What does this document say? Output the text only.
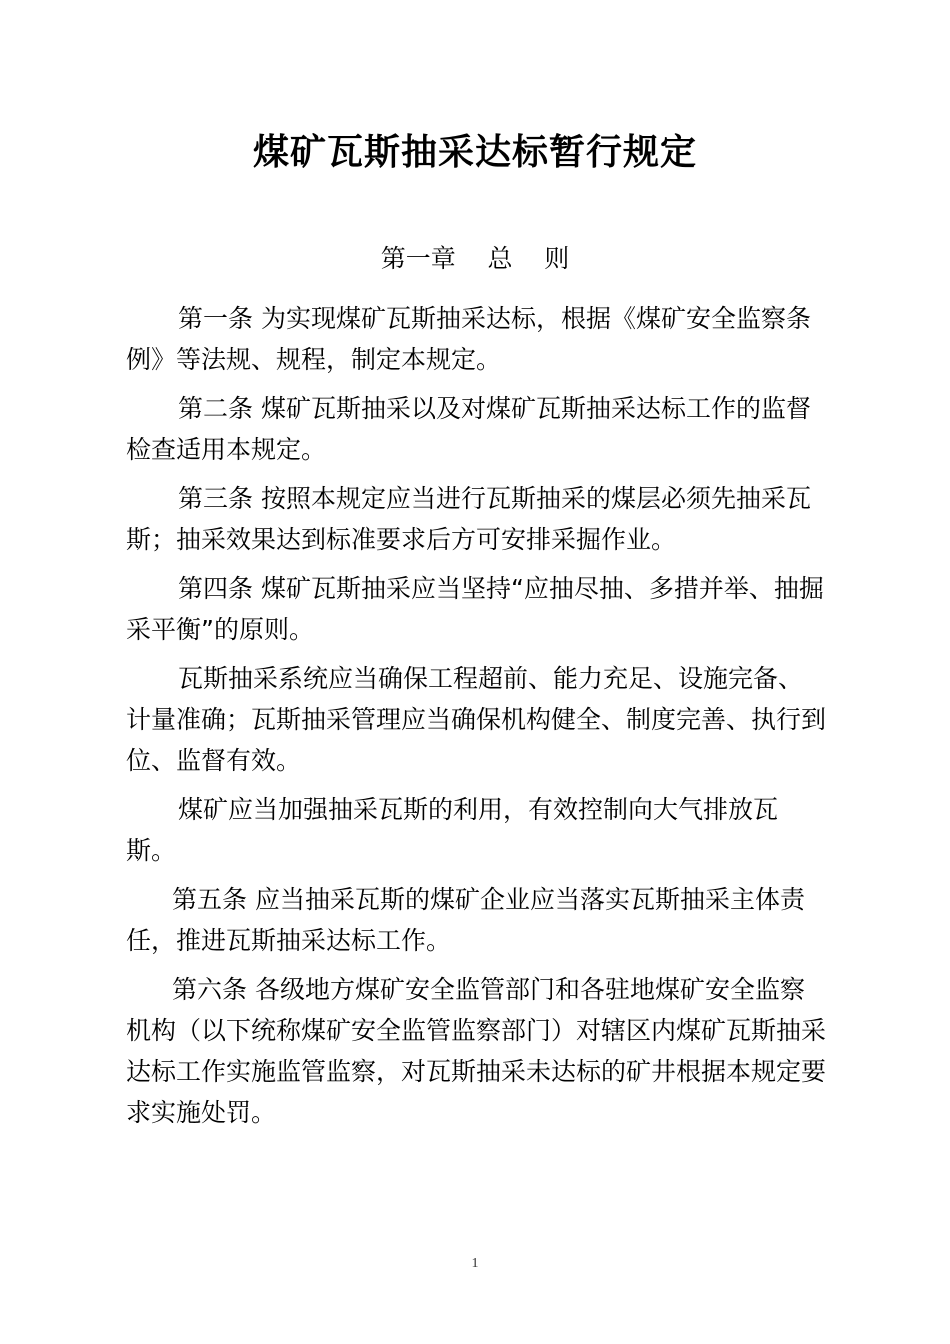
煤矿瓦斯抽采达标暂行规定
第一章    总    则

第一条 为实现煤矿瓦斯抽采达标，根据《煤矿安全监察条例》等法规、规程，制定本规定。

第二条 煤矿瓦斯抽采以及对煤矿瓦斯抽采达标工作的监督检查适用本规定。

第三条 按照本规定应当进行瓦斯抽采的煤层必须先抽采瓦斯；抽采效果达到标准要求后方可安排采掘作业。

第四条 煤矿瓦斯抽采应当坚持“应抽尽抽、多措并举、抽掘采平衡”的原则。

瓦斯抽采系统应当确保工程超前、能力充足、设施完备、计量准确；瓦斯抽采管理应当确保机构健全、制度完善、执行到位、监督有效。

煤矿应当加强抽采瓦斯的利用，有效控制向大气排放瓦斯。

第五条 应当抽采瓦斯的煤矿企业应当落实瓦斯抽采主体责任，推进瓦斯抽采达标工作。

第六条 各级地方煤矿安全监管部门和各驻地煤矿安全监察机构（以下统称煤矿安全监管监察部门）对辖区内煤矿瓦斯抽采达标工作实施监管监察，对瓦斯抽采未达标的矿井根据本规定要求实施处罚。

1
